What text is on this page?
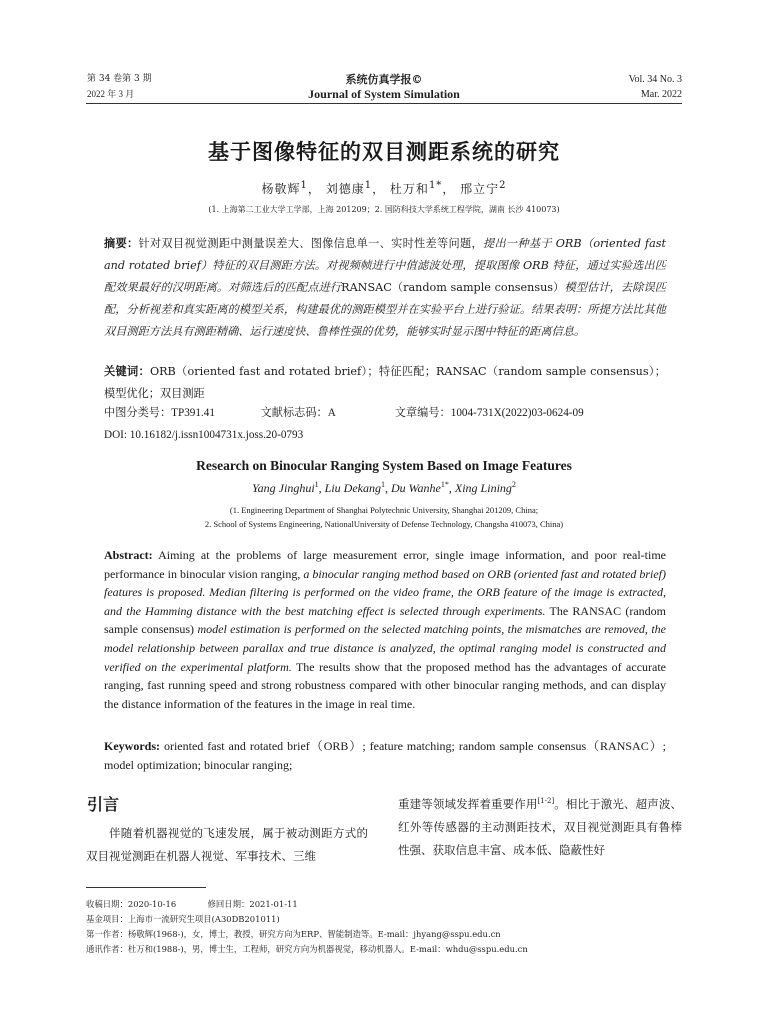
第 34 卷第 3 期
2022 年 3 月
系统仿真学报©
Journal of System Simulation
Vol. 34 No. 3
Mar. 2022
基于图像特征的双目测距系统的研究
杨敬辉$^1$， 刘德康$^1$， 杜万和$^{1*}$， 邢立宁$^2$
(1. 上海第二工业大学工学部，上海 201209；2. 国防科技大学系统工程学院，湖南 长沙 410073)
摘要：针对双目视觉测距中测量误差大、图像信息单一、实时性差等问题，提出一种基于 ORB（oriented fast and rotated brief）特征的双目测距方法。对视频帧进行中值滤波处理，提取图像 ORB 特征，通过实验选出匹配效果最好的汉明距离。对筛选后的匹配点进行RANSAC（random sample consensus）模型估计，去除误匹配，分析视差和真实距离的模型关系，构建最优的测距模型并在实验平台上进行验证。结果表明：所提方法比其他双目测距方法具有测距精确、运行速度快、鲁棒性强的优势，能够实时显示图中特征的距离信息。
关键词：ORB（oriented fast and rotated brief）；特征匹配；RANSAC（random sample consensus）；模型优化；双目测距
中图分类号：TP391.41	文献标志码：A	文章编号：1004-731X(2022)03-0624-09
DOI: 10.16182/j.issn1004731x.joss.20-0793
Research on Binocular Ranging System Based on Image Features
Yang Jinghui$^1$, Liu Dekang$^1$, Du Wanhe$^{1*}$, Xing Lining$^2$
(1. Engineering Department of Shanghai Polytechnic University, Shanghai 201209, China;
2. School of Systems Engineering, NationalUniversity of Defense Technology, Changsha 410073, China)
Abstract: Aiming at the problems of large measurement error, single image information, and poor real-time performance in binocular vision ranging, a binocular ranging method based on ORB (oriented fast and rotated brief) features is proposed. Median filtering is performed on the video frame, the ORB feature of the image is extracted, and the Hamming distance with the best matching effect is selected through experiments. The RANSAC (random sample consensus) model estimation is performed on the selected matching points, the mismatches are removed, the model relationship between parallax and true distance is analyzed, the optimal ranging model is constructed and verified on the experimental platform. The results show that the proposed method has the advantages of accurate ranging, fast running speed and strong robustness compared with other binocular ranging methods, and can display the distance information of the features in the image in real time.
Keywords: oriented fast and rotated brief（ORB）; feature matching; random sample consensus（RANSAC）; model optimization; binocular ranging;
引言
伴随着机器视觉的飞速发展，属于被动测距方式的双目视觉测距在机器人视觉、军事技术、三维
重建等领域发挥着重要作用[1-2]。相比于激光、超声波、红外等传感器的主动测距技术，双目视觉测距具有鲁棒性强、获取信息丰富、成本低、隐蔽性好
收稿日期：2020-10-16	修回日期：2021-01-11
基金项目：上海市一流研究生项目(A30DB201011)
第一作者：杨敬辉(1968-)，女，博士，教授，研究方向为ERP、智能制造等。E-mail：jhyang@sspu.edu.cn
通讯作者：杜万和(1988-)，男，博士生，工程师，研究方向为机器视觉，移动机器人。E-mail：whdu@sspu.edu.cn
